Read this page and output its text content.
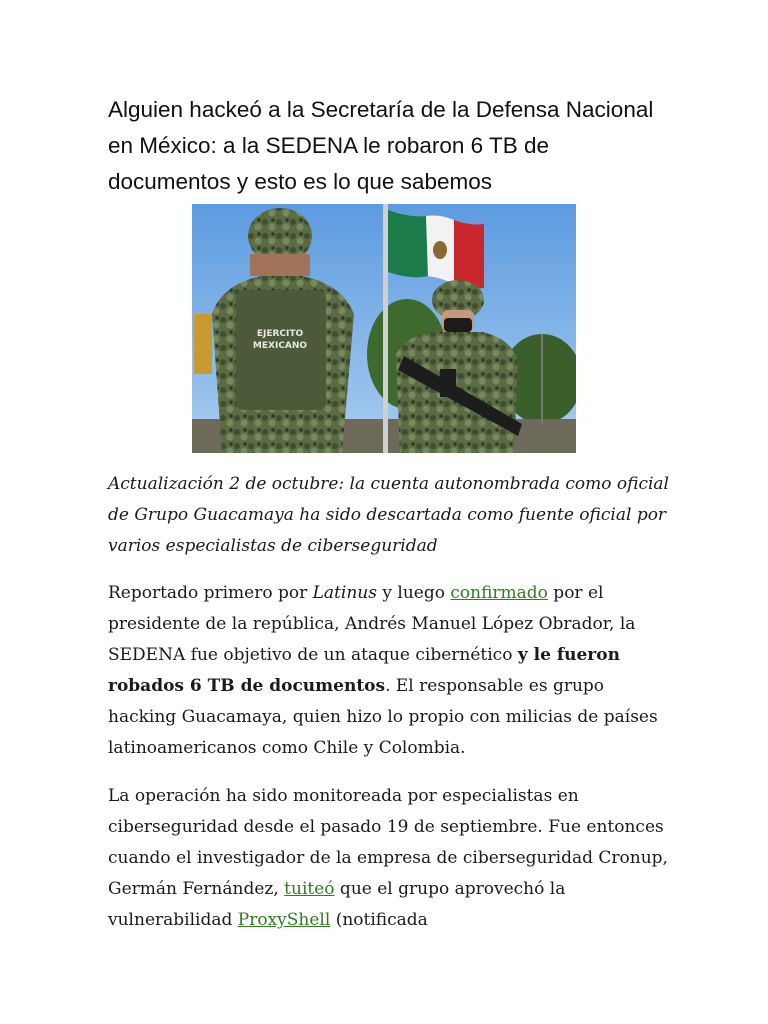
Alguien hackeó a la Secretaría de la Defensa Nacional en México: a la SEDENA le robaron 6 TB de documentos y esto es lo que sabemos
EJERCITO
MEXICANO

Actualización 2 de octubre: la cuenta autonombrada como oficial de Grupo Guacamaya ha sido descartada como fuente oficial por varios especialistas de ciberseguridad

Reportado primero por Latinus y luego confirmado por el presidente de la república, Andrés Manuel López Obrador, la SEDENA fue objetivo de un ataque cibernético y le fueron robados 6 TB de documentos. El responsable es grupo hacking Guacamaya, quien hizo lo propio con milicias de países latinoamericanos como Chile y Colombia.

La operación ha sido monitoreada por especialistas en ciberseguridad desde el pasado 19 de septiembre. Fue entonces cuando el investigador de la empresa de ciberseguridad Cronup, Germán Fernández, tuiteó que el grupo aprovechó la vulnerabilidad ProxyShell (notificada
